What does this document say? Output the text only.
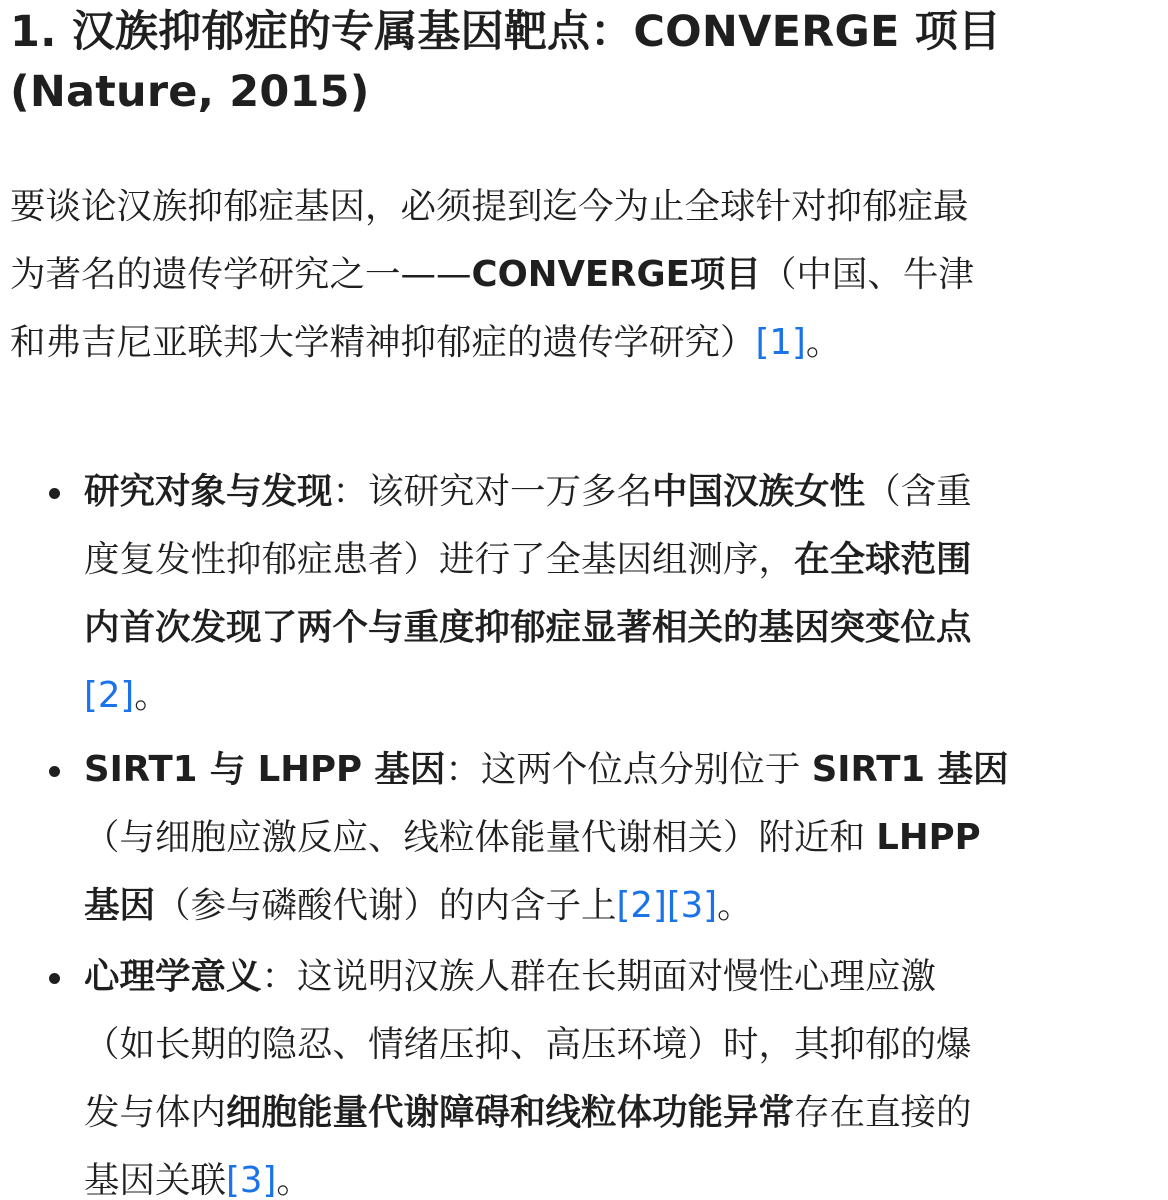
1. 汉族抑郁症的专属基因靶点：CONVERGE 项目
(Nature, 2015)

要谈论汉族抑郁症基因，必须提到迄今为止全球针对抑郁症最
为著名的遗传学研究之一——CONVERGE项目（中国、牛津
和弗吉尼亚联邦大学精神抑郁症的遗传学研究）[1]。

研究对象与发现：该研究对一万多名中国汉族女性（含重
度复发性抑郁症患者）进行了全基因组测序，在全球范围
内首次发现了两个与重度抑郁症显著相关的基因突变位点
[2]。
SIRT1 与 LHPP 基因：这两个位点分别位于 SIRT1 基因
（与细胞应激反应、线粒体能量代谢相关）附近和 LHPP
基因（参与磷酸代谢）的内含子上[2][3]。
心理学意义：这说明汉族人群在长期面对慢性心理应激
（如长期的隐忍、情绪压抑、高压环境）时，其抑郁的爆
发与体内细胞能量代谢障碍和线粒体功能异常存在直接的
基因关联[3]。
